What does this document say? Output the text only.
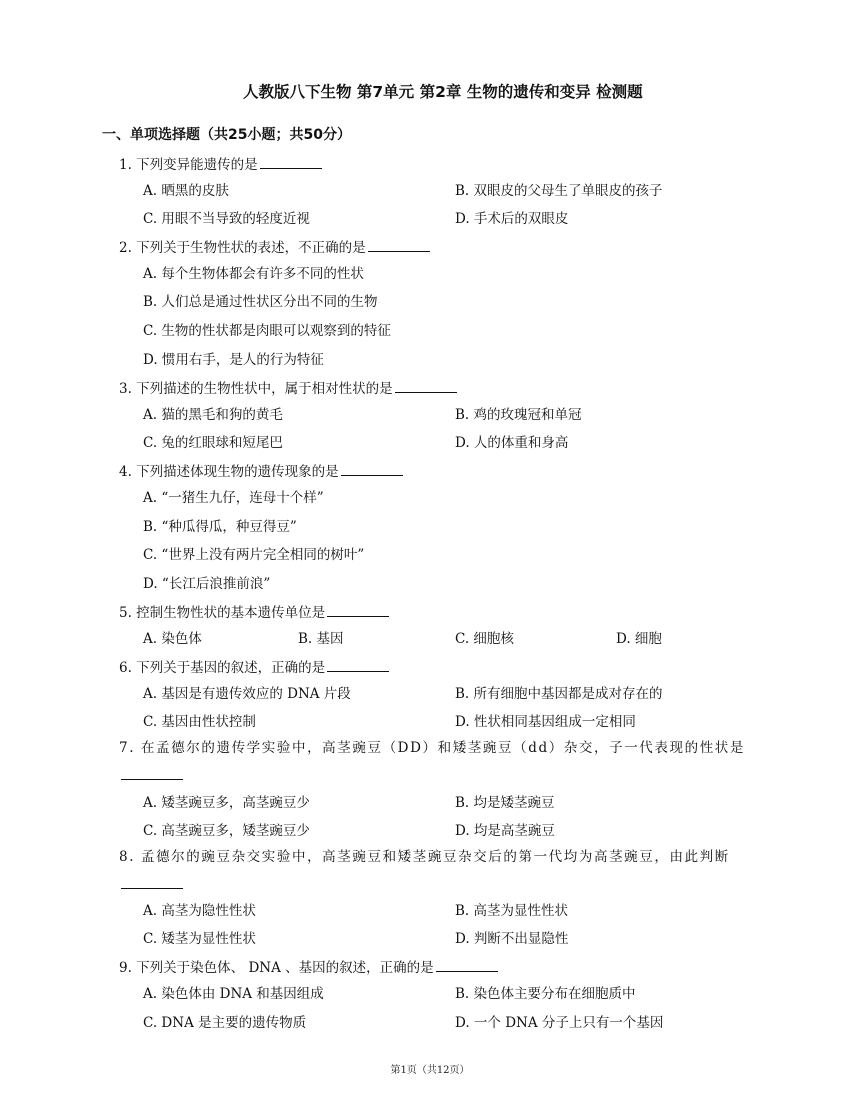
人教版八下生物 第7单元 第2章 生物的遗传和变异 检测题
一、单项选择题（共25小题；共50分）
1. 下列变异能遗传的是
A. 晒黑的皮肤	B. 双眼皮的父母生了单眼皮的孩子
C. 用眼不当导致的轻度近视	D. 手术后的双眼皮
2. 下列关于生物性状的表述，不正确的是
A. 每个生物体都会有许多不同的性状
B. 人们总是通过性状区分出不同的生物
C. 生物的性状都是肉眼可以观察到的特征
D. 惯用右手，是人的行为特征
3. 下列描述的生物性状中，属于相对性状的是
A. 猫的黑毛和狗的黄毛	B. 鸡的玫瑰冠和单冠
C. 兔的红眼球和短尾巴	D. 人的体重和身高
4. 下列描述体现生物的遗传现象的是
A. “一猪生九仔，连母十个样”
B. “种瓜得瓜，种豆得豆”
C. “世界上没有两片完全相同的树叶”
D. “长江后浪推前浪”
5. 控制生物性状的基本遗传单位是
A. 染色体	B. 基因	C. 细胞核	D. 细胞
6. 下列关于基因的叙述，正确的是
A. 基因是有遗传效应的 DNA 片段	B. 所有细胞中基因都是成对存在的
C. 基因由性状控制	D. 性状相同基因组成一定相同
7. 在孟德尔的遗传学实验中，高茎豌豆（DD）和矮茎豌豆（dd）杂交，子一代表现的性状是
A. 矮茎豌豆多，高茎豌豆少	B. 均是矮茎豌豆
C. 高茎豌豆多，矮茎豌豆少	D. 均是高茎豌豆
8. 孟德尔的豌豆杂交实验中，高茎豌豆和矮茎豌豆杂交后的第一代均为高茎豌豆，由此判断
A. 高茎为隐性性状	B. 高茎为显性性状
C. 矮茎为显性性状	D. 判断不出显隐性
9. 下列关于染色体、 DNA 、基因的叙述，正确的是
A. 染色体由 DNA 和基因组成	B. 染色体主要分布在细胞质中
C. DNA 是主要的遗传物质	D. 一个 DNA 分子上只有一个基因
第1页（共12页）
